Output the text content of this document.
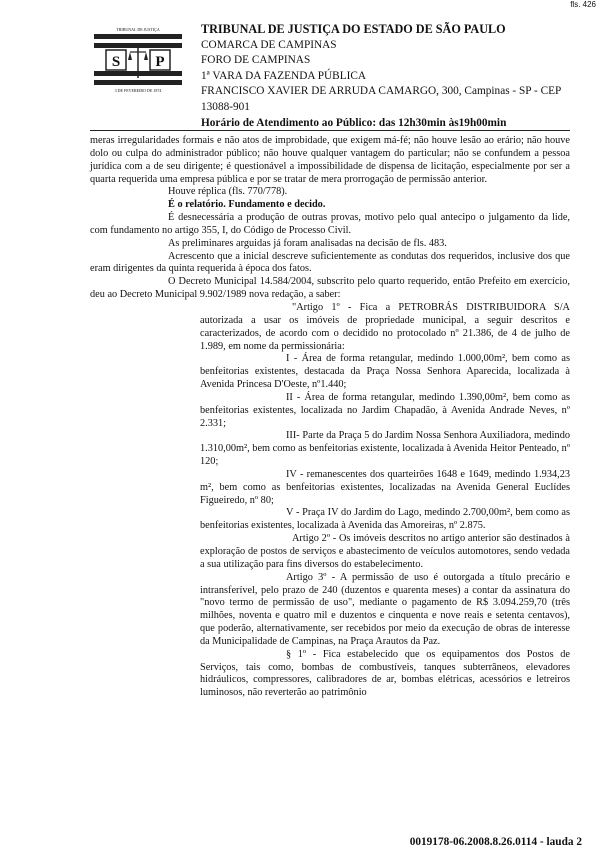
fls. 426
S P
TRIBUNAL DE JUSTIÇA
3 DE FEVEREIRO DE 1874
TRIBUNAL DE JUSTIÇA DO ESTADO DE SÃO PAULO
COMARCA DE CAMPINAS
FORO DE CAMPINAS
1ª VARA DA FAZENDA PÚBLICA
FRANCISCO XAVIER DE ARRUDA CAMARGO, 300, Campinas - SP - CEP 13088-901
Horário de Atendimento ao Público: das 12h30min às19h00min

meras irregularidades formais e não atos de improbidade, que exigem má-fé; não houve lesão ao erário; não houve dolo ou culpa do administrador público; não houve qualquer vantagem do particular; não se confundem a pessoa jurídica com a de seu dirigente; é questionável a impossibilidade de dispensa de licitação, especialmente por ser a quarta requerida uma empresa pública e por se tratar de mera prorrogação de permissão anterior.

Houve réplica (fls. 770/778).

É o relatório. Fundamento e decido.

É desnecessária a produção de outras provas, motivo pelo qual antecipo o julgamento da lide, com fundamento no artigo 355, I, do Código de Processo Civil.

As preliminares arguidas já foram analisadas na decisão de fls. 483.

Acrescento que a inicial descreve suficientemente as condutas dos requeridos, inclusive dos que eram dirigentes da quinta requerida à época dos fatos.

O Decreto Municipal 14.584/2004, subscrito pelo quarto requerido, então Prefeito em exercício, deu ao Decreto Municipal 9.902/1989 nova redação, a saber:

"Artigo 1º - Fica a PETROBRÁS DISTRIBUIDORA S/A autorizada a usar os imóveis de propriedade municipal, a seguir descritos e caracterizados, de acordo com o decidido no protocolado nº 21.386, de 4 de julho de 1.989, em nome da permissionária:

I - Área de forma retangular, medindo 1.000,00m², bem como as benfeitorias existentes, destacada da Praça Nossa Senhora Aparecida, localizada à Avenida Princesa D'Oeste, nº1.440;

II - Área de forma retangular, medindo 1.390,00m², bem como as benfeitorias existentes, localizada no Jardim Chapadão, à Avenida Andrade Neves, nº 2.331;

III- Parte da Praça 5 do Jardim Nossa Senhora Auxiliadora, medindo 1.310,00m², bem como as benfeitorias existente, localizada à Avenida Heitor Penteado, nº 120;

IV - remanescentes dos quarteirões 1648 e 1649, medindo 1.934,23 m², bem como as benfeitorias existentes, localizadas na Avenida General Euclídes Figueiredo, nº 80;

V - Praça IV do Jardim do Lago, medindo 2.700,00m², bem como as benfeitorias existentes, localizada à Avenida das Amoreiras, nº 2.875.

Artigo 2º - Os imóveis descritos no artigo anterior são destinados à exploração de postos de serviços e abastecimento de veículos automotores, sendo vedada a sua utilização para fins diversos do estabelecimento.

Artigo 3º - A permissão de uso é outorgada a título precário e intransferível, pelo prazo de 240 (duzentos e quarenta meses) a contar da assinatura do "novo termo de permissão de uso", mediante o pagamento de R$ 3.094.259,70 (três milhões, noventa e quatro mil e duzentos e cinquenta e nove reais e setenta centavos), que poderão, alternativamente, ser recebidos por meio da execução de obras de interesse da Municipalidade de Campinas, na Praça Arautos da Paz.

§ 1º - Fica estabelecido que os equipamentos dos Postos de Serviços, tais como, bombas de combustíveis, tanques subterrâneos, elevadores hidráulicos, compressores, calibradores de ar, bombas elétricas, acessórios e letreiros luminosos, não reverterão ao patrimônio

0019178-06.2008.8.26.0114 - lauda 2
